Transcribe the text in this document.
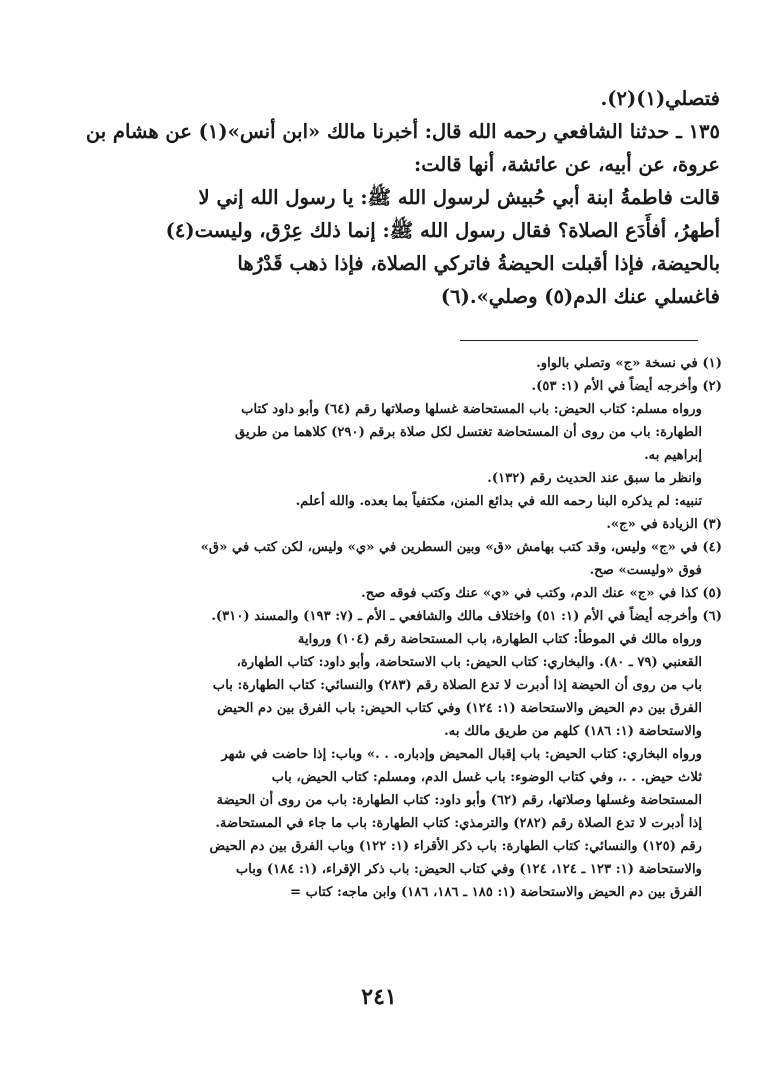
فتصلي(١)(٢).

١٣٥ ـ حدثنا الشافعي رحمه الله قال: أخبرنا مالك «ابن أنس»(١) عن هشام بن

عروة، عن أبيه، عن عائشة، أنها قالت:

قالت فاطمةُ ابنة أبي حُبيش لرسول الله ﷺ: يا رسول الله إني لا

أطهرُ، أفأَدَع الصلاة؟ فقال رسول الله ﷺ: إنما ذلك عِرْق، وليست(٤)

بالحيضة، فإذا أقبلت الحيضةُ فاتركي الصلاة، فإذا ذهب قَدْرُها

فاغسلي عنك الدم(٥) وصلي».(٦)

(١) في نسخة «ج» وتصلي بالواو.

(٢) وأخرجه أيضاً في الأم (١: ٥٣).

ورواه مسلم: كتاب الحيض: باب المستحاضة غسلها وصلاتها رقم (٦٤) وأبو داود كتاب

الطهارة: باب من روى أن المستحاضة تغتسل لكل صلاة برقم (٢٩٠) كلاهما من طريق

إبراهيم به.

وانظر ما سبق عند الحديث رقم (١٣٢).

تنبيه: لم يذكره البنا رحمه الله في بدائع المنن، مكتفياً بما بعده. والله أعلم.

(٣) الزيادة في «ج».

(٤) في «ج» وليس، وقد كتب بهامش «ق» وبين السطرين في «ي» وليس، لكن كتب في «ق»

فوق «وليست» صح.

(٥) كذا في «ج» عنك الدم، وكتب في «ي» عنك وكتب فوقه صح.

(٦) وأخرجه أيضاً في الأم (١: ٥١) واختلاف مالك والشافعي ـ الأم ـ (٧: ١٩٣) والمسند (٣١٠).

ورواه مالك في الموطأ: كتاب الطهارة، باب المستحاضة رقم (١٠٤) ورواية

القعنبي (٧٩ ـ ٨٠). والبخاري: كتاب الحيض: باب الاستحاضة، وأبو داود: كتاب الطهارة،

باب من روى أن الحيضة إذا أدبرت لا تدع الصلاة رقم (٢٨٣) والنسائي: كتاب الطهارة: باب

الفرق بين دم الحيض والاستحاضة (١: ١٢٤) وفي كتاب الحيض: باب الفرق بين دم الحيض

والاستحاضة (١: ١٨٦) كلهم من طريق مالك به.

ورواه البخاري: كتاب الحيض: باب إقبال المحيض وإدباره. . .» وباب: إذا حاضت في شهر

ثلاث حيض. . .، وفي كتاب الوضوء: باب غسل الدم، ومسلم: كتاب الحيض، باب

المستحاضة وغسلها وصلاتها، رقم (٦٢) وأبو داود: كتاب الطهارة: باب من روى أن الحيضة

إذا أدبرت لا تدع الصلاة رقم (٢٨٢) والترمذي: كتاب الطهارة: باب ما جاء في المستحاضة.

رقم (١٢٥) والنسائي: كتاب الطهارة: باب ذكر الأقراء (١: ١٢٢) وباب الفرق بين دم الحيض

والاستحاضة (١: ١٢٣ ـ ١٢٤، ١٢٤) وفي كتاب الحيض: باب ذكر الإقراء، (١: ١٨٤) وباب

الفرق بين دم الحيض والاستحاضة (١: ١٨٥ ـ ١٨٦، ١٨٦) وابن ماجه: كتاب =

٢٤١
